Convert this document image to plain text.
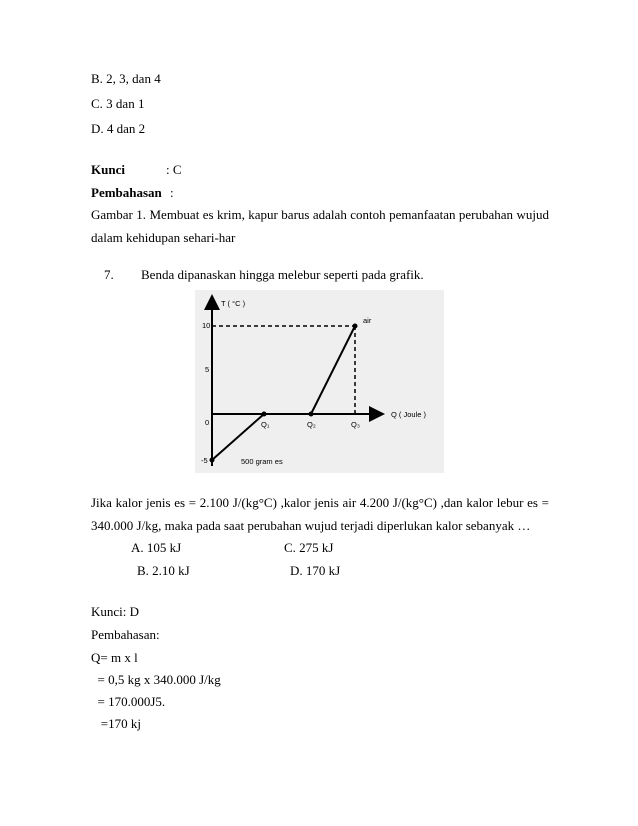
B. 2, 3, dan 4
C. 3 dan 1
D. 4 dan 2
Kunci	: C
Pembahasan :
Gambar 1. Membuat es krim, kapur barus adalah contoh pemanfaatan perubahan wujud
dalam kehidupan sehari-har
7. Benda dipanaskan hingga melebur seperti pada grafik.
T ( °C )
Q ( Joule )
10
5
0
-5
Q₁	Q₂	Q₃
air
500 gram es
Jika kalor jenis es = 2.100 J/(kg°C) ,kalor jenis air 4.200 J/(kg°C) ,dan kalor lebur es =
340.000 J/kg, maka pada saat perubahan wujud terjadi diperlukan kalor sebanyak …
A. 105 kJ	C. 275 kJ
B. 2.10 kJ	D. 170 kJ
Kunci: D
Pembahasan:
Q= m x l
= 0,5 kg x 340.000 J/kg
= 170.000J5.
=170 kj
